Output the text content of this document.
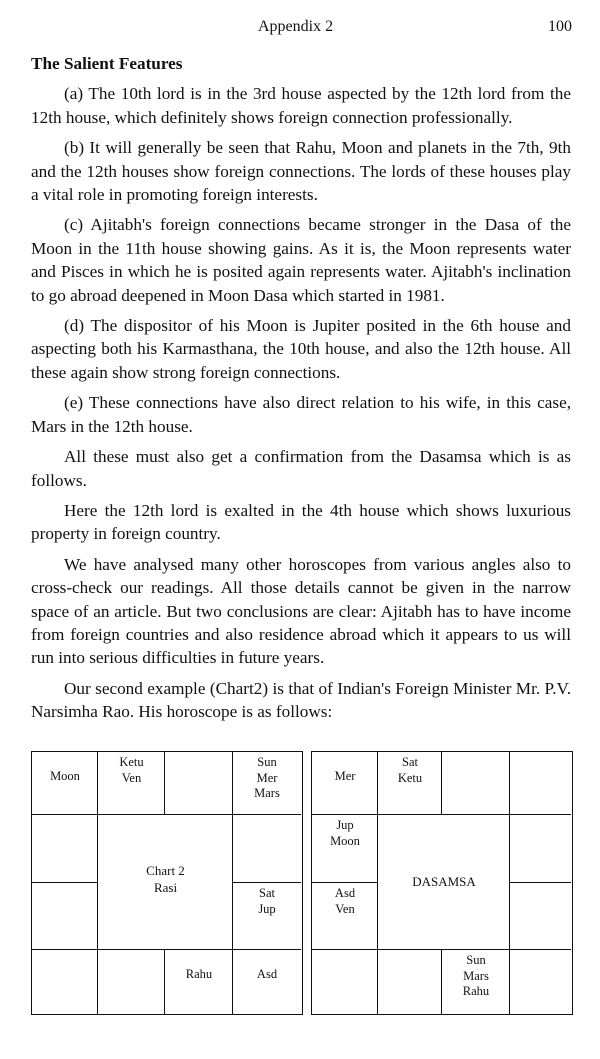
Appendix 2	100
The Salient Features

(a) The 10th lord is in the 3rd house aspected by the 12th lord from the 12th house, which definitely shows foreign connection professionally.

(b) It will generally be seen that Rahu, Moon and planets in the 7th, 9th and the 12th houses show foreign connections. The lords of these houses play a vital role in promoting foreign interests.

(c) Ajitabh's foreign connections became stronger in the Dasa of the Moon in the 11th house showing gains. As it is, the Moon represents water and Pisces in which he is posited again represents water. Ajitabh's inclination to go abroad deepened in Moon Dasa which started in 1981.

(d) The dispositor of his Moon is Jupiter posited in the 6th house and aspecting both his Karmasthana, the 10th house, and also the 12th house. All these again show strong foreign connections.

(e) These connections have also direct relation to his wife, in this case, Mars in the 12th house.

All these must also get a confirmation from the Dasamsa which is as follows.

Here the 12th lord is exalted in the 4th house which shows luxurious property in foreign country.

We have analysed many other horoscopes from various angles also to cross-check our readings. All those details cannot be given in the narrow space of an article. But two conclusions are clear: Ajitabh has to have income from foreign countries and also residence abroad which it appears to us will run into serious difficulties in future years.

Our second example (Chart2) is that of Indian's Foreign Minister Mr. P.V. Narsimha Rao. His horoscope is as follows:

Chart 2
Rasi
Moon
Ketu
Ven
Sun
Mer
Mars
Sat
Jup
Rahu	Asd
DASAMSA
Mer
Sat
Ketu
Jup
Moon
Asd
Ven
Sun
Mars
Rahu
